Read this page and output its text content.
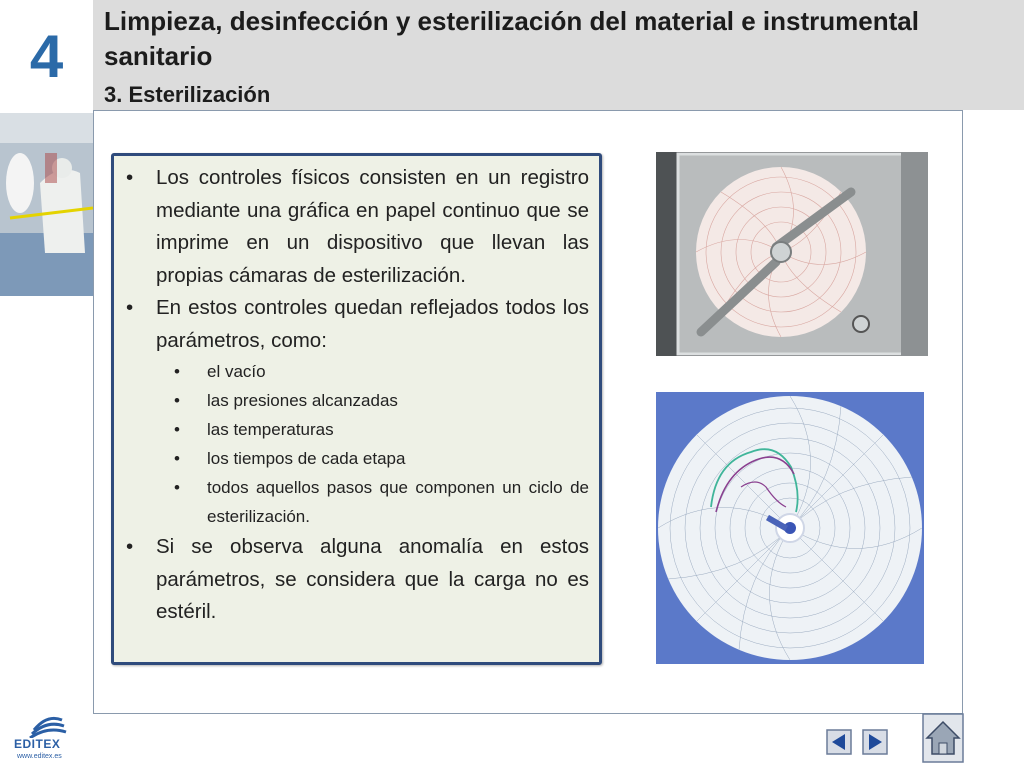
4
Limpieza, desinfección y esterilización del material e instrumental sanitario
3. Esterilización
• Los controles físicos consisten en un registro mediante una gráfica en papel continuo que se imprime en un dispositivo que llevan las propias cámaras de esterilización.
• En estos controles quedan reflejados todos los parámetros, como:
• el vacío
• las presiones alcanzadas
• las temperaturas
• los tiempos de cada etapa
• todos aquellos pasos que componen un ciclo de esterilización.
• Si se observa alguna anomalía en estos parámetros, se considera que la carga no es estéril.
EDITEX
www.editex.es
